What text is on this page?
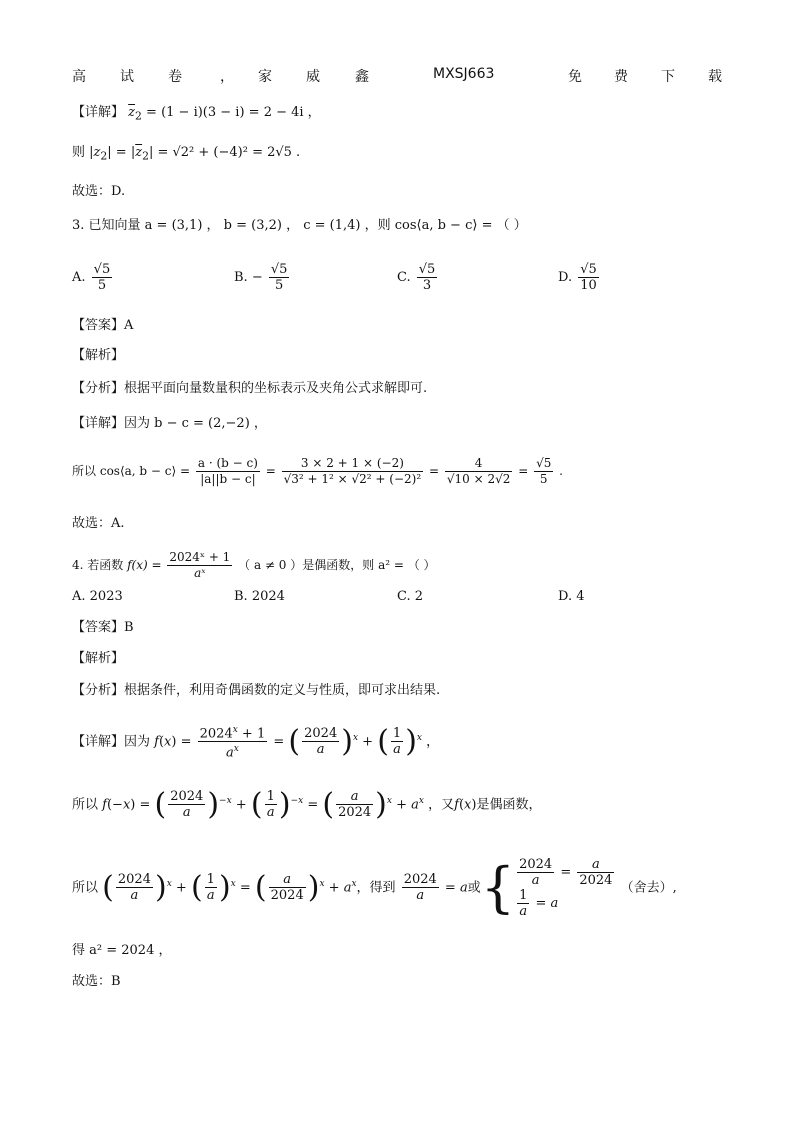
高 试 卷	， 家 威	鑫	MXSJ663	免 费 下 载
【详解】 $\overline{z}_2 = (1 - i)(3 - i) = 2 - 4i$ ，
则 $|z_2| = |\overline{z}_2| = √2^2 + (-4)^2 = 2√5$ .
故选：D.
3. 已知向量 a = (3,1) ， b = (3,2) ， c = (1,4) ，则 cos⟨a, b − c⟩ = （ ）
A. $\frac{√5}{5}$	B. − $\frac{√5}{5}$	C. $\frac{√5}{3}$	D. $\frac{√5}{10}$
【答案】A
【解析】
【分析】根据平面向量数量积的坐标表示及夹角公式求解即可.
【详解】因为 b − c = (2,−2) ，
所以 cos⟨a, b − c⟩ = $\frac{a \cdot (b - c)}{|a||b - c|} = \frac{3 \times 2 + 1 \times (-2)}{\text{√3² + 1² × √2² + (−2)²}} = \frac{4}{√10 \times 2√2} = \frac{√5}{5}$ .
故选：A.
4. 若函数 $f(x) = \frac{\text{2024ˣ + 1}}{\text{aˣ}}$ （ a ≠ 0 ）是偶函数，则 a² = （ ）
A. 2023	B. 2024	C. 2	D. 4
【答案】B
【解析】
【分析】根据条件，利用奇偶函数的定义与性质，即可求出结果.
【详解】因为 $f(x) = \frac{2024^x + 1}{a^x}$ = ( $\frac{2024}{a} )^x$ + ( $\frac{1}{a} )^x$ ，
所以 f(−x) = ( $\frac{2024}{a} )^{-x}$ + ( $\frac{1}{a} )^{-x}$ = ( $\frac{a}{2024} )^x + a^x$ ，又f(x)是偶函数，
所以 ( $\frac{2024}{a} )^x$ + ( $\frac{1}{a} )^x$ = ( $\frac{a}{2024} )^x + a^x$，得到 $\frac{2024}{a} = a$或{ $\frac{2024}{a} = \frac{a}{2024}$
$\frac{1}{a} = a$
（舍去）,
得 a² = 2024 ，
故选：B
